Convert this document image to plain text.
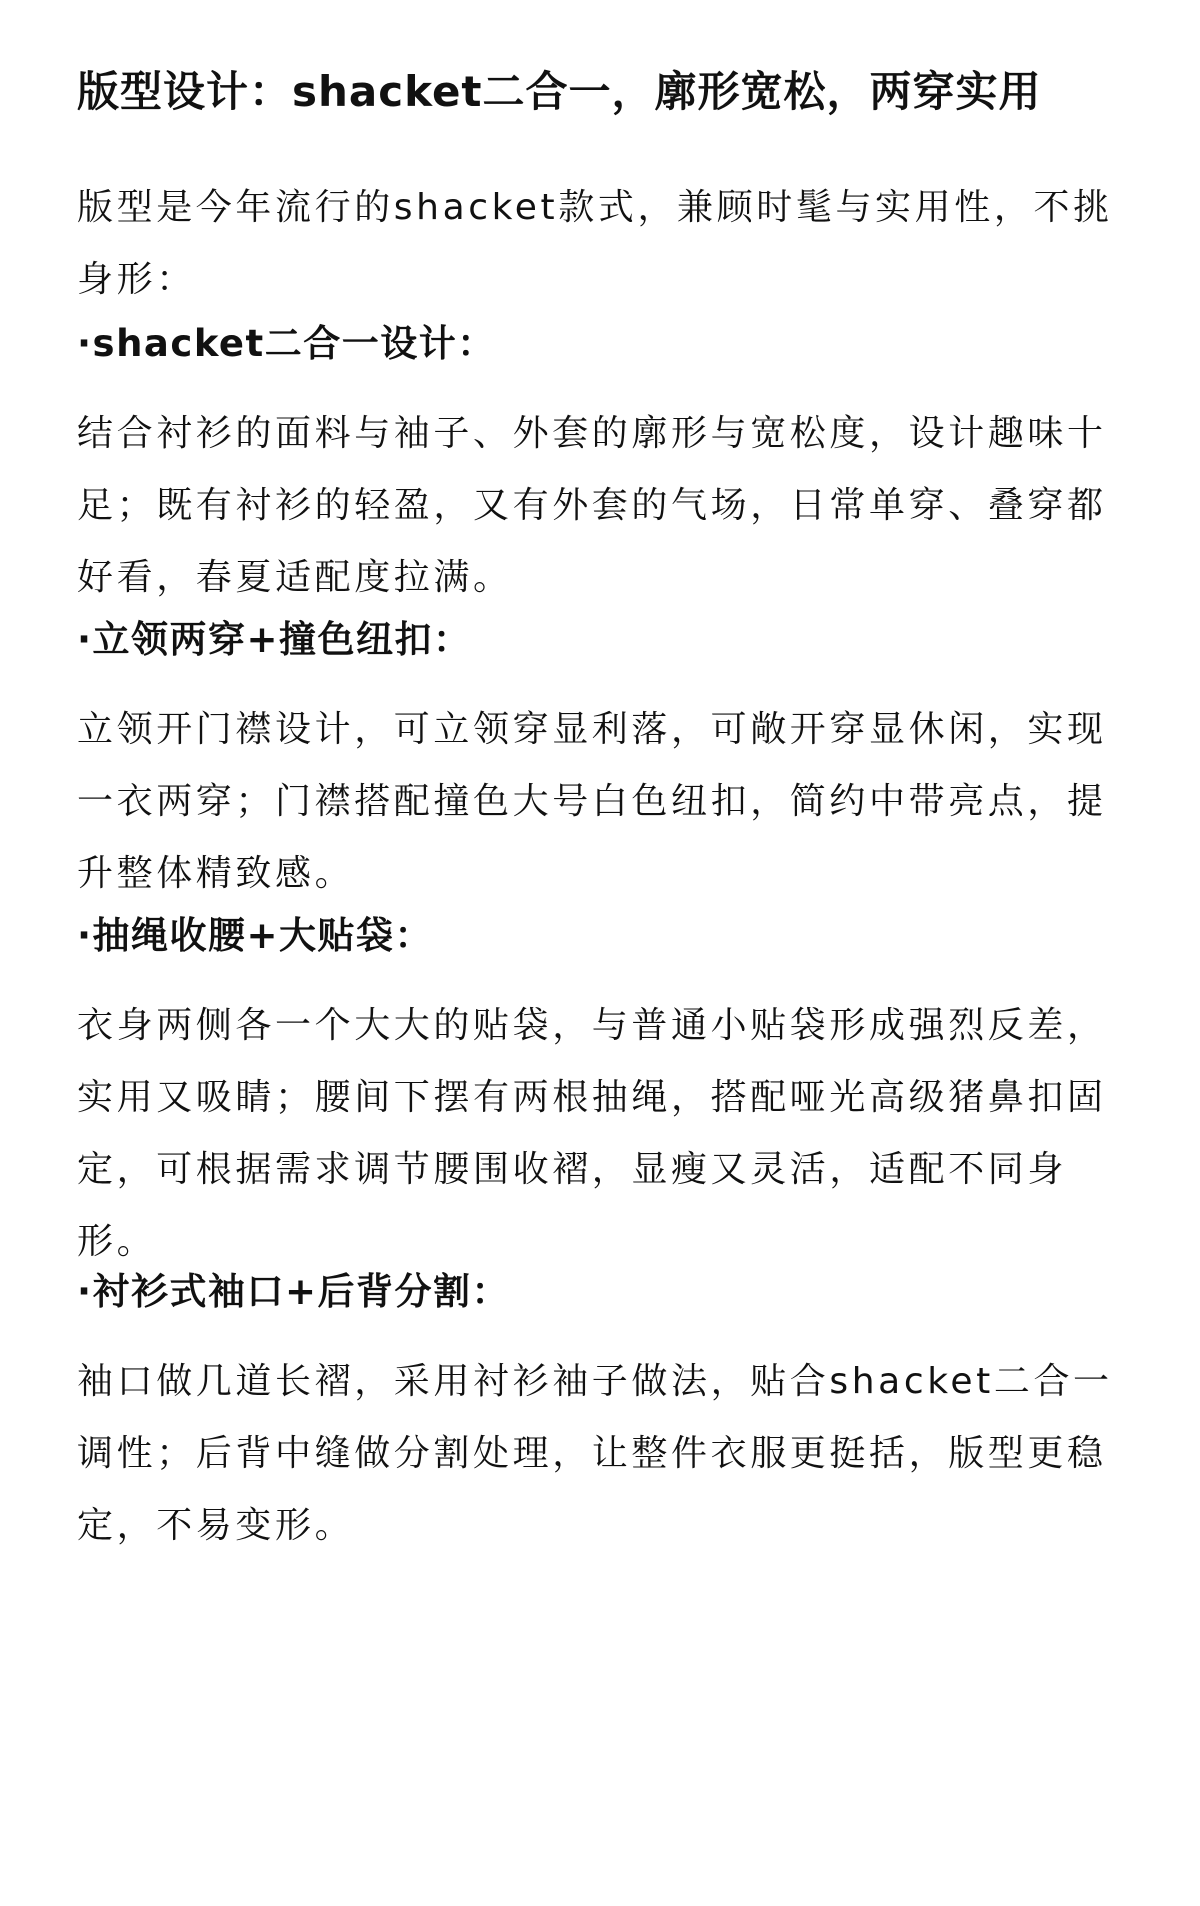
版型设计：shacket二合一，廓形宽松，两穿实用

版型是今年流行的shacket款式，兼顾时髦与实用性，不挑身形：

·shacket二合一设计：

结合衬衫的面料与袖子、外套的廓形与宽松度，设计趣味十足；既有衬衫的轻盈，又有外套的气场，日常单穿、叠穿都好看，春夏适配度拉满。

·立领两穿+撞色纽扣：

立领开门襟设计，可立领穿显利落，可敞开穿显休闲，实现一衣两穿；门襟搭配撞色大号白色纽扣，简约中带亮点，提升整体精致感。

·抽绳收腰+大贴袋：

衣身两侧各一个大大的贴袋，与普通小贴袋形成强烈反差，实用又吸睛；腰间下摆有两根抽绳，搭配哑光高级猪鼻扣固定，可根据需求调节腰围收褶，显瘦又灵活，适配不同身形。

·衬衫式袖口+后背分割：

袖口做几道长褶，采用衬衫袖子做法，贴合shacket二合一调性；后背中缝做分割处理，让整件衣服更挺括，版型更稳定，不易变形。
